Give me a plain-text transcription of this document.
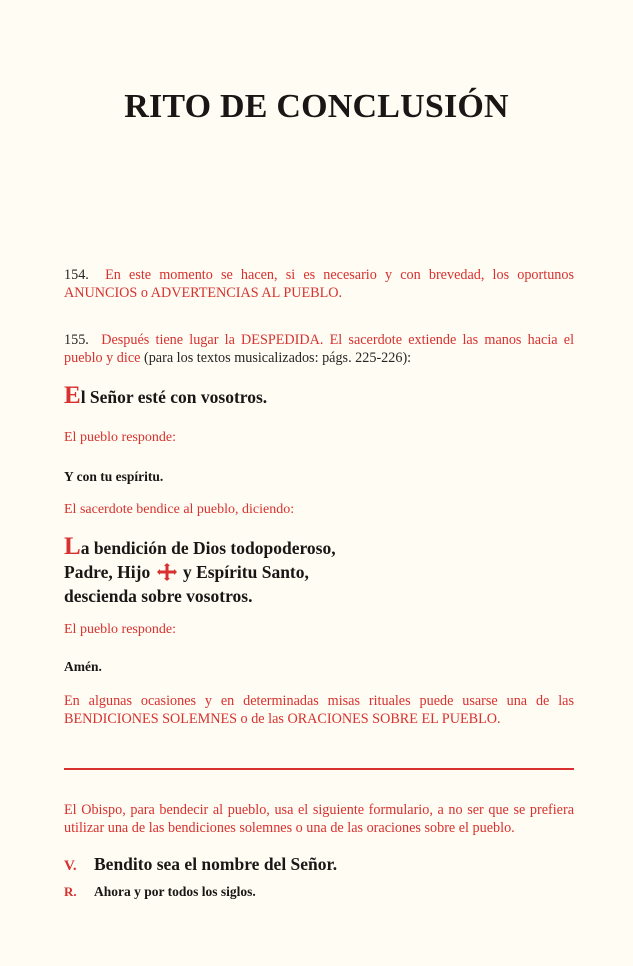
RITO DE CONCLUSIÓN

154. En este momento se hacen, si es necesario y con brevedad, los oportunos ANUNCIOS o ADVERTENCIAS AL PUEBLO.

155. Después tiene lugar la DESPEDIDA. El sacerdote extiende las manos hacia el pueblo y dice (para los textos musicalizados: págs. 225-226):

El Señor esté con vosotros.

El pueblo responde:

Y con tu espíritu.

El sacerdote bendice al pueblo, diciendo:

La bendición de Dios todopoderoso,
Padre, Hijo y Espíritu Santo,
descienda sobre vosotros.

El pueblo responde:

Amén.

En algunas ocasiones y en determinadas misas rituales puede usarse una de las BENDICIONES SOLEMNES o de las ORACIONES SOBRE EL PUEBLO.

El Obispo, para bendecir al pueblo, usa el siguiente formulario, a no ser que se prefiera utilizar una de las bendiciones solemnes o una de las oraciones sobre el pueblo.

V. Bendito sea el nombre del Señor.
R.	Ahora y por todos los siglos.
